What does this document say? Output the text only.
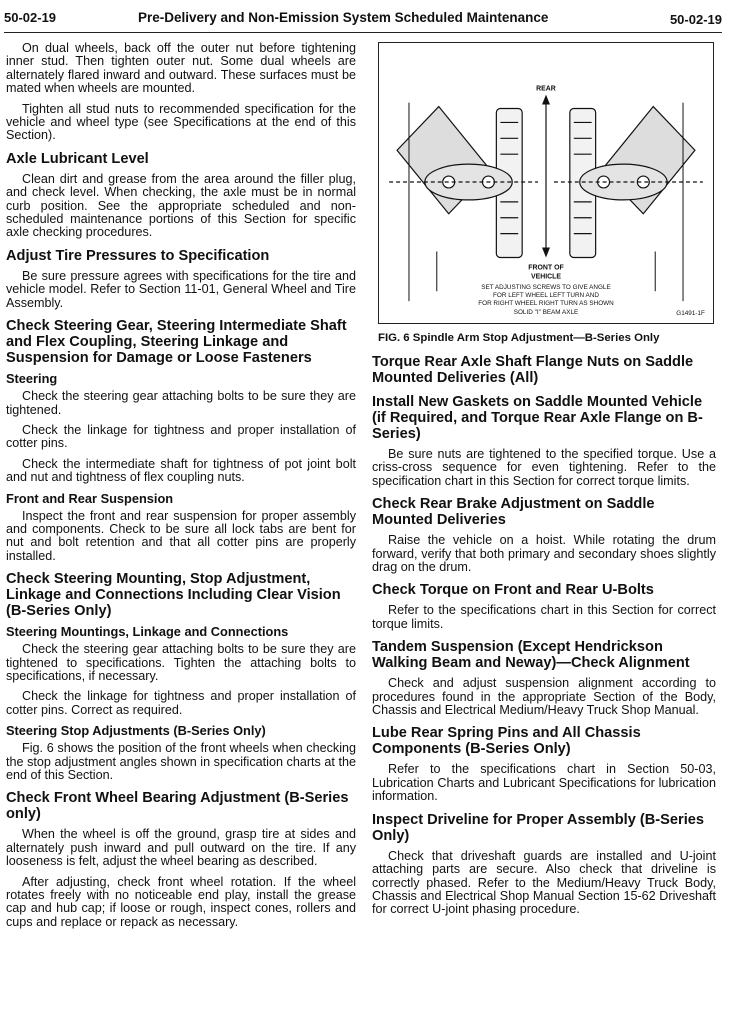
50-02-19	Pre-Delivery and Non-Emission System Scheduled Maintenance	50-02-19

On dual wheels, back off the outer nut before tightening inner stud. Then tighten outer nut. Some dual wheels are alternately flared inward and outward. These surfaces must be mated when wheels are mounted.

Tighten all stud nuts to recommended specification for the vehicle and wheel type (see Specifications at the end of this Section).

Axle Lubricant Level

Clean dirt and grease from the area around the filler plug, and check level. When checking, the axle must be in normal curb position. See the appropriate scheduled and non-scheduled maintenance portions of this Section for specific axle checking procedures.

Adjust Tire Pressures to Specification

Be sure pressure agrees with specifications for the tire and vehicle model. Refer to Section 11-01, General Wheel and Tire Assembly.

Check Steering Gear, Steering Intermediate Shaft and Flex Coupling, Steering Linkage and Suspension for Damage or Loose Fasteners
Steering

Check the steering gear attaching bolts to be sure they are tightened.

Check the linkage for tightness and proper installation of cotter pins.

Check the intermediate shaft for tightness of pot joint bolt and nut and tightness of flex coupling nuts.

Front and Rear Suspension

Inspect the front and rear suspension for proper assembly and components. Check to be sure all lock tabs are bent for nut and bolt retention and that all cotter pins are properly installed.

Check Steering Mounting, Stop Adjustment, Linkage and Connections Including Clear Vision (B-Series Only)
Steering Mountings, Linkage and Connections

Check the steering gear attaching bolts to be sure they are tightened to specifications. Tighten the attaching bolts to specifications, if necessary.

Check the linkage for tightness and proper installation of cotter pins. Correct as required.

Steering Stop Adjustments (B-Series Only)

Fig. 6 shows the position of the front wheels when checking the stop adjustment angles shown in specification charts at the end of this Section.

Check Front Wheel Bearing Adjustment (B-Series only)

When the wheel is off the ground, grasp tire at sides and alternately push inward and pull outward on the tire. If any looseness is felt, adjust the wheel bearing as described.

After adjusting, check front wheel rotation. If the wheel rotates freely with no noticeable end play, install the grease cap and hub cap; if loose or rough, inspect cones, rollers and cups and replace or repack as necessary.

REAR
FRONT OF
VEHICLE
SET ADJUSTING SCREWS TO GIVE ANGLE
FOR LEFT WHEEL LEFT TURN AND
FOR RIGHT WHEEL RIGHT TURN AS SHOWN
SOLID "I" BEAM AXLE	G1491-1F
FIG. 6 Spindle Arm Stop Adjustment—B-Series Only
Torque Rear Axle Shaft Flange Nuts on Saddle Mounted Deliveries (All)
Install New Gaskets on Saddle Mounted Vehicle (if Required, and Torque Rear Axle Flange on B-Series)

Be sure nuts are tightened to the specified torque. Use a criss-cross sequence for even tightening. Refer to the specification chart in this Section for correct torque limits.

Check Rear Brake Adjustment on Saddle Mounted Deliveries

Raise the vehicle on a hoist. While rotating the drum forward, verify that both primary and secondary shoes slightly drag on the drum.

Check Torque on Front and Rear U-Bolts

Refer to the specifications chart in this Section for correct torque limits.

Tandem Suspension (Except Hendrickson Walking Beam and Neway)—Check Alignment

Check and adjust suspension alignment according to procedures found in the appropriate Section of the Body, Chassis and Electrical Medium/Heavy Truck Shop Manual.

Lube Rear Spring Pins and All Chassis Components (B-Series Only)

Refer to the specifications chart in Section 50-03, Lubrication Charts and Lubricant Specifications for lubrication information.

Inspect Driveline for Proper Assembly (B-Series Only)

Check that driveshaft guards are installed and U-joint attaching parts are secure. Also check that driveline is correctly phased. Refer to the Medium/Heavy Truck Body, Chassis and Electrical Shop Manual Section 15-62 Driveshaft for correct U-joint phasing procedure.
